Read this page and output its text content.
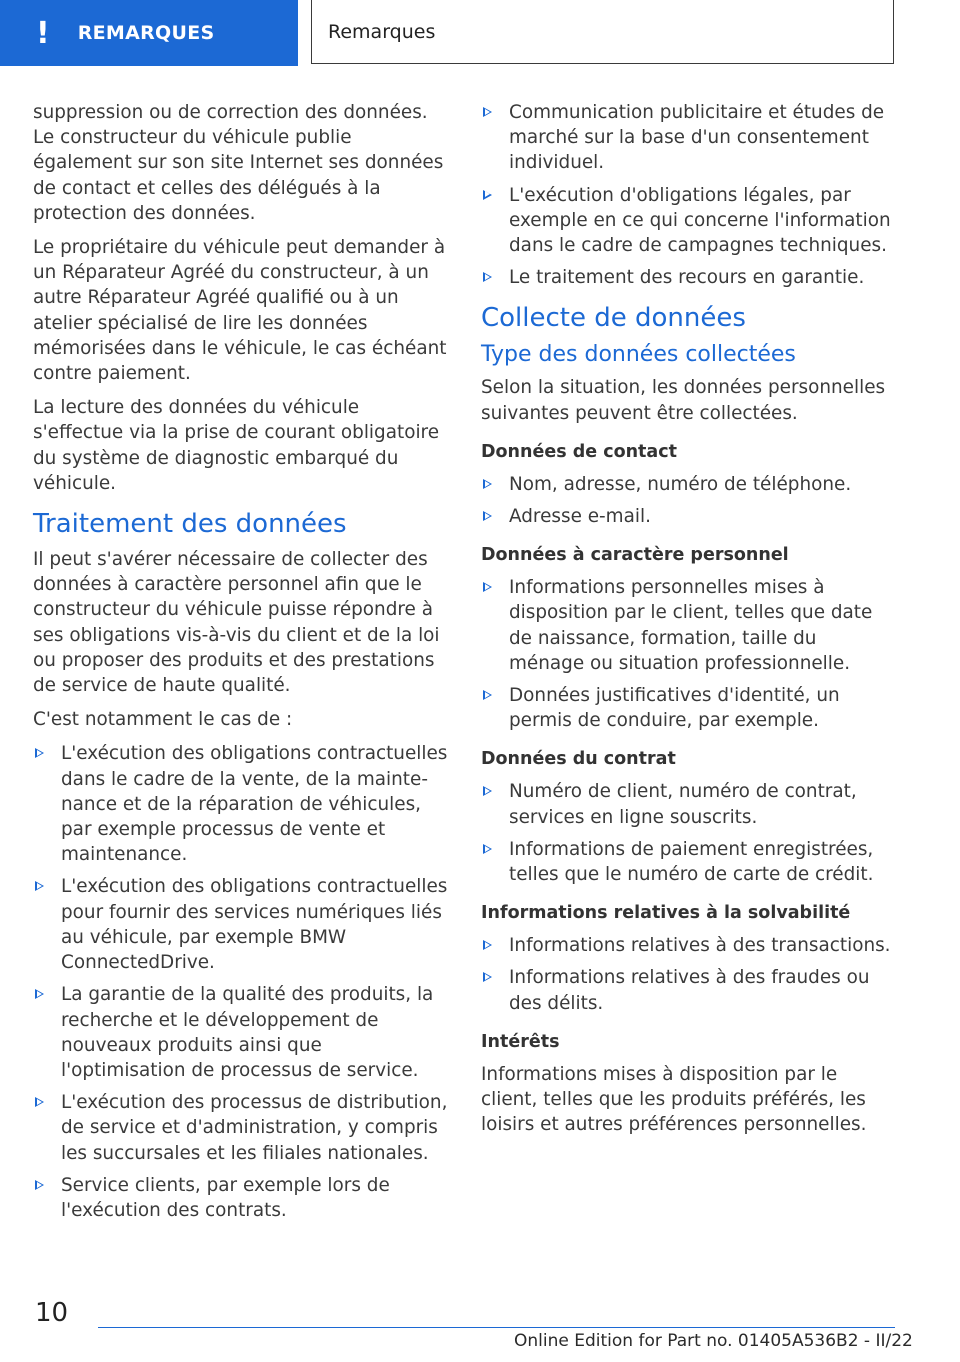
! REMARQUES	Remarques

suppression ou de correction des données. Le constructeur du véhicule publie également sur son site Internet ses données de contact et celles des délégués à la protection des données.

Le propriétaire du véhicule peut demander à un Réparateur Agréé du constructeur, à un autre Réparateur Agréé qualifié ou à un atelier spécialisé de lire les données mémorisées dans le véhicule, le cas échéant contre paiement.

La lecture des données du véhicule s'effectue via la prise de courant obligatoire du système de diagnostic embarqué du véhicule.

Traitement des données

Il peut s'avérer nécessaire de collecter des données à caractère personnel afin que le constructeur du véhicule puisse répondre à ses obligations vis-à-vis du client et de la loi ou proposer des produits et des prestations de service de haute qualité.

C'est notamment le cas de :

L'exécution des obligations contractuelles dans le cadre de la vente, de la maintenance et de la réparation de véhicules, par exemple processus de vente et maintenance.
L'exécution des obligations contractuelles pour fournir des services numériques liés au véhicule, par exemple BMW ConnectedDrive.
La garantie de la qualité des produits, la recherche et le développement de nouveaux produits ainsi que l'optimisation de processus de service.
L'exécution des processus de distribution, de service et d'administration, y compris les succursales et les filiales nationales.
Service clients, par exemple lors de l'exécution des contrats.
Communication publicitaire et études de marché sur la base d'un consentement individuel.
L'exécution d'obligations légales, par exemple en ce qui concerne l'information dans le cadre de campagnes techniques.
Le traitement des recours en garantie.
Collecte de données
Type des données collectées

Selon la situation, les données personnelles suivantes peuvent être collectées.

Données de contact
Nom, adresse, numéro de téléphone.
Adresse e-mail.
Données à caractère personnel
Informations personnelles mises à disposition par le client, telles que date de naissance, formation, taille du ménage ou situation professionnelle.
Données justificatives d'identité, un permis de conduire, par exemple.
Données du contrat
Numéro de client, numéro de contrat, services en ligne souscrits.
Informations de paiement enregistrées, telles que le numéro de carte de crédit.
Informations relatives à la solvabilité
Informations relatives à des transactions.
Informations relatives à des fraudes ou des délits.
Intérêts

Informations mises à disposition par le client, telles que les produits préférés, les loisirs et autres préférences personnelles.

10
Online Edition for Part no. 01405A536B2 - II/22
